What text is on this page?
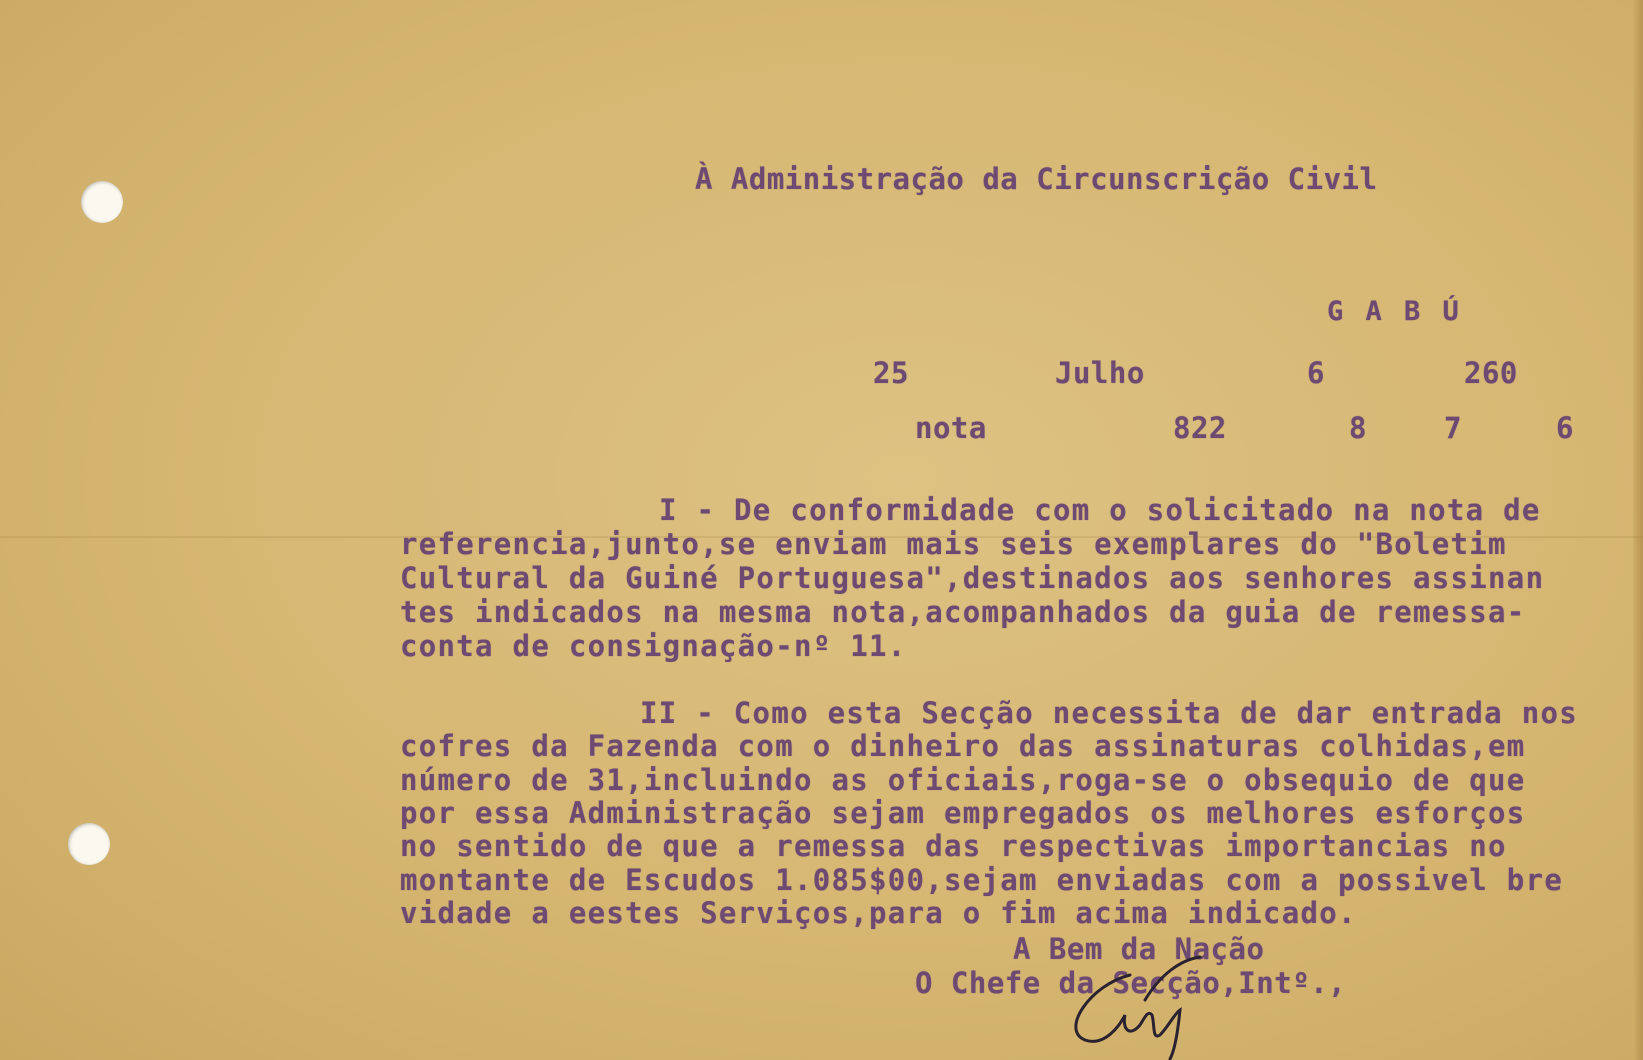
À Administração da Circunscrição Civil
G A B Ú
25	Julho	6	260
nota	822	8	7	6
I - De conformidade com o solicitado na nota de
referencia,junto,se enviam mais seis exemplares do "Boletim
Cultural da Guiné Portuguesa",destinados aos senhores assinan
tes indicados na mesma nota,acompanhados da guia de remessa-
conta de consignação-nº 11.
II - Como esta Secção necessita de dar entrada nos
cofres da Fazenda com o dinheiro das assinaturas colhidas,em
número de 31,incluindo as oficiais,roga-se o obsequio de que
por essa Administração sejam empregados os melhores esforços
no sentido de que a remessa das respectivas importancias no
montante de Escudos 1.085$00,sejam enviadas com a possivel bre
vidade a eestes Serviços,para o fim acima indicado.
A Bem da Nação
O Chefe da Secção,Intº.,
